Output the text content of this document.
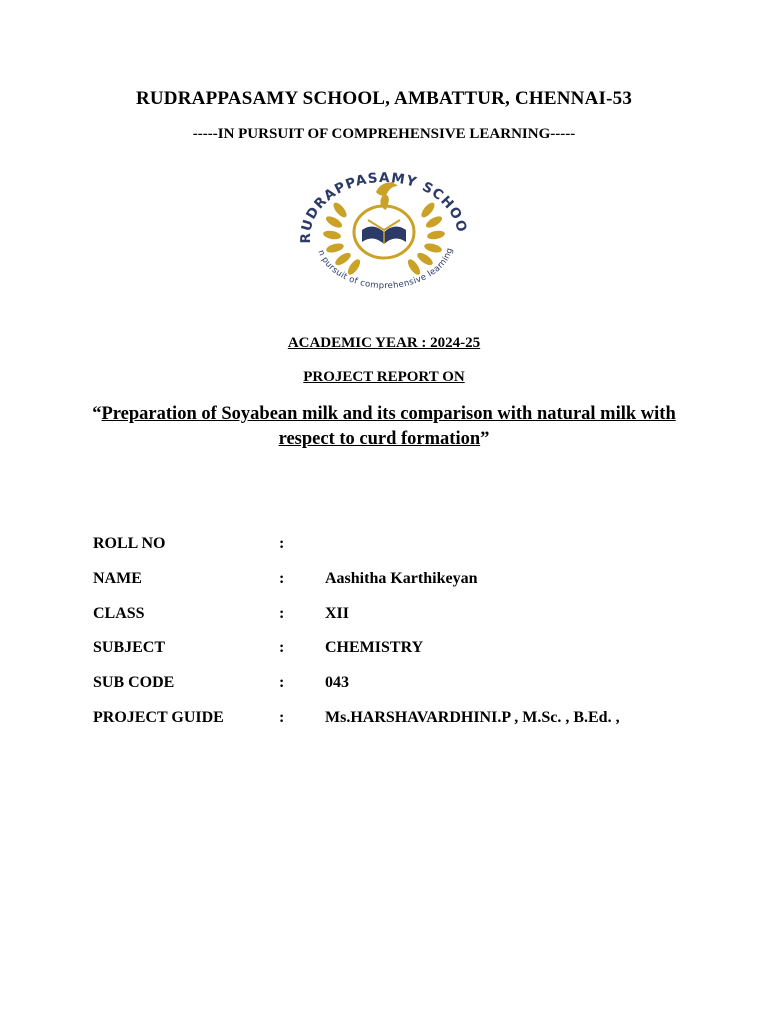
RUDRAPPASAMY SCHOOL, AMBATTUR, CHENNAI-53
-----IN PURSUIT OF COMPREHENSIVE LEARNING-----
RUDRAPPASAMY SCHOO
n pursuit of comprehensive learning
ACADEMIC YEAR : 2024-25
PROJECT REPORT ON
“Preparation of Soyabean milk and its comparison with natural milk with respect to curd formation”
ROLL NO	:
NAME	:	Aashitha Karthikeyan
CLASS	:	XII
SUBJECT	:	CHEMISTRY
SUB CODE	:	043
PROJECT GUIDE	:	Ms.HARSHAVARDHINI.P , M.Sc. , B.Ed. ,
